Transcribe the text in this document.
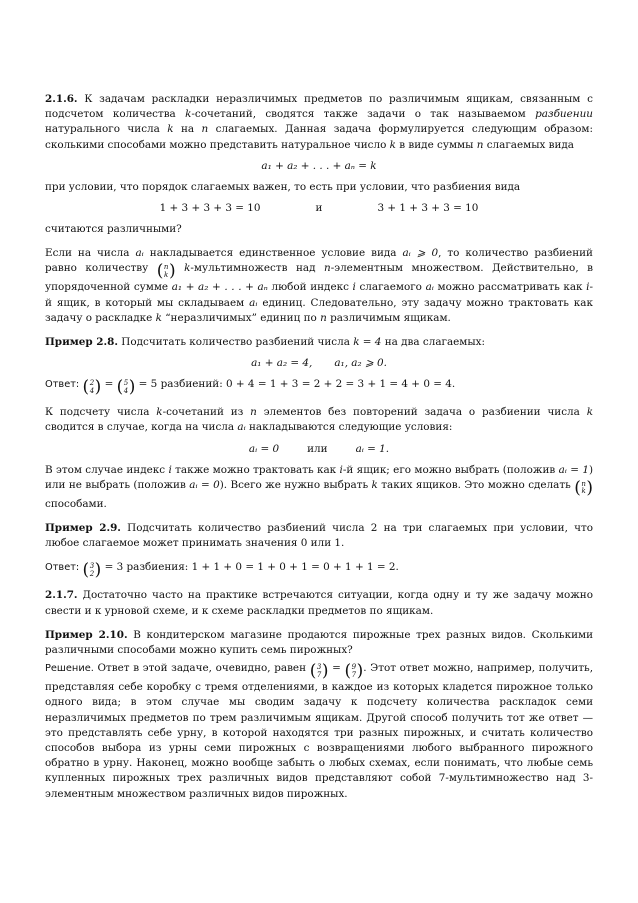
2.1.6. К задачам раскладки неразличимых предметов по различимым ящикам, связанным с подсчетом количества k-сочетаний, сводятся также задачи о так называемом разбиении натурального числа k на n слагаемых. Данная задача формулируется следующим образом: сколькими способами можно представить натуральное число k в виде суммы n слагаемых вида

a₁ + a₂ + . . . + aₙ = k

при условии, что порядок слагаемых важен, то есть при условии, что разбиения вида

1 + 3 + 3 + 3 = 10	и	3 + 1 + 3 + 3 = 10

считаются различными?

Если на числа aᵢ накладывается единственное условие вида aᵢ ⩾ 0, то количество разбиений равно количеству ( n
k ) k-мультимножеств над n-элементным множеством. Действительно, в упорядоченной сумме a₁ + a₂ + . . . + aₙ любой индекс i слагаемого aᵢ можно рассматривать как i-й ящик, в который мы складываем aᵢ единиц. Следовательно, эту задачу можно трактовать как задачу о раскладке k “неразличимых” единиц по n различимым ящикам.

Пример 2.8. Подсчитать количество разбиений числа k = 4 на два слагаемых:

a₁ + a₂ = 4, a₁, a₂ ⩾ 0.

Ответ: ( 2
4 ) = ( 5
4 ) = 5 разбиений: 0 + 4 = 1 + 3 = 2 + 2 = 3 + 1 = 4 + 0 = 4.

К подсчету числа k-сочетаний из n элементов без повторений задача о разбиении числа k сводится в случае, когда на числа aᵢ накладываются следующие условия:

aᵢ = 0	или	aᵢ = 1.

В этом случае индекс i также можно трактовать как i-й ящик; его можно выбрать (положив aᵢ = 1) или не выбрать (положив aᵢ = 0). Всего же нужно выбрать k таких ящиков. Это можно сделать ( n
k )
способами.

Пример 2.9. Подсчитать количество разбиений числа 2 на три слагаемых при условии, что любое слагаемое может принимать значения 0 или 1.

Ответ: ( 3
2 ) = 3 разбиения: 1 + 1 + 0 = 1 + 0 + 1 = 0 + 1 + 1 = 2.

2.1.7. Достаточно часто на практике встречаются ситуации, когда одну и ту же задачу можно свести и к урновой схеме, и к схеме раскладки предметов по ящикам.

Пример 2.10. В кондитерском магазине продаются пирожные трех разных видов. Сколькими различными способами можно купить семь пирожных?

Решение. Ответ в этой задаче, очевидно, равен ( 3
7 ) = ( 9
7 ) . Этот ответ можно, например, получить, представляя себе коробку с тремя отделениями, в каждое из которых кладется пирожное только одного вида; в этом случае мы сводим задачу к подсчету количества раскладок семи неразличимых предметов по трем различимым ящикам. Другой способ получить тот же ответ — это представлять себе урну, в которой находятся три разных пирожных, и считать количество способов выбора из урны семи пирожных с возвращениями любого выбранного пирожного обратно в урну. Наконец, можно вообще забыть о любых схемах, если понимать, что любые семь купленных пирожных трех различных видов представляют собой 7-мультимножество над 3-элементным множеством различных видов пирожных.
